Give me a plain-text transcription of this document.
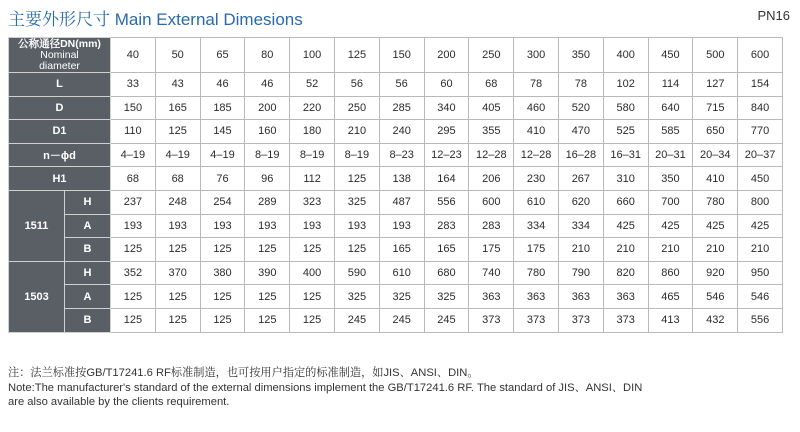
主要外形尺寸 Main External Dimesions	PN16
公称通径DN(mm)
Nominal
diameter		40	50	65	80	100	125	150	200	250	300	350	400	450	500	600
L		33	43	46	46	52	56	56	60	68	78	78	102	114	127	154
D		150	165	185	200	220	250	285	340	405	460	520	580	640	715	840
D1		110	125	145	160	180	210	240	295	355	410	470	525	585	650	770
n－ϕd		4–19	4–19	4–19	8–19	8–19	8–19	8–23	12–23	12–28	12–28	16–28	16–31	20–31	20–34	20–37
H1		68	68	76	96	112	125	138	164	206	230	267	310	350	410	450
1511	H	237	248	254	289	323	325	487	556	600	610	620	660	700	780	800
	A	193	193	193	193	193	193	193	283	283	334	334	425	425	425	425
	B	125	125	125	125	125	125	165	165	175	175	210	210	210	210	210
1503	H	352	370	380	390	400	590	610	680	740	780	790	820	860	920	950
	A	125	125	125	125	125	325	325	325	363	363	363	363	465	546	546
	B	125	125	125	125	125	245	245	245	373	373	373	373	413	432	556
注：法兰标准按GB/T17241.6 RF标准制造，也可按用户指定的标准制造，如JIS、ANSI、DIN。
Note:The manufacturer's standard of the external dimensions implement the GB/T17241.6 RF. The standard of JIS、ANSI、DIN
are also available by the clients requirement.
